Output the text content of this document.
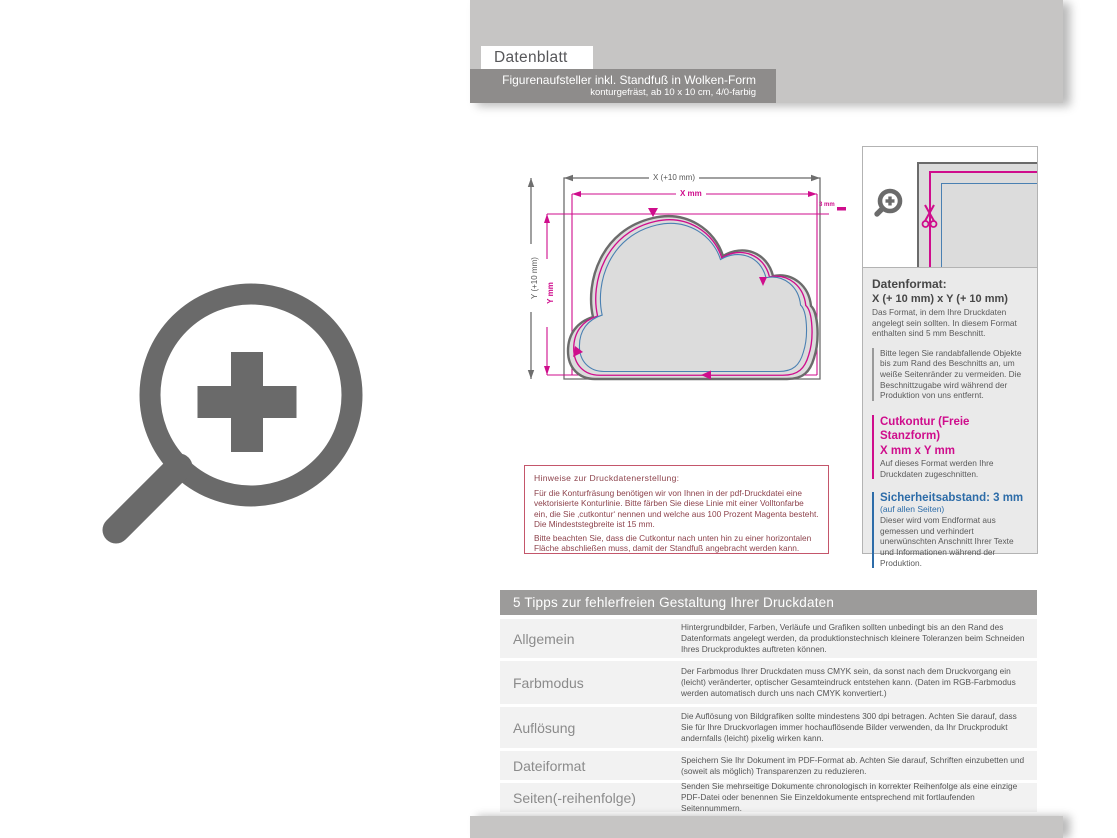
Datenblatt
Figurenaufsteller inkl. Standfuß in Wolken-Form
konturgefräst, ab 10 x 10 cm, 4/0-farbig
X (+10 mm)
X mm
Y (+10 mm) Y mm
3 mm
Datenformat:
X (+ 10 mm) x Y (+ 10 mm)
Das Format, in dem Ihre Druckdaten angelegt sein sollten. In diesem Format enthalten sind 5 mm Beschnitt.
Bitte legen Sie randabfallende Objekte bis zum Rand des Beschnitts an, um weiße Seitenränder zu vermeiden. Die Beschnittzugabe wird während der Produktion von uns entfernt.
Cutkontur (Freie Stanzform)
X mm x Y mm
Auf dieses Format werden Ihre Druckdaten zugeschnitten.
Sicherheitsabstand: 3 mm
(auf allen Seiten)
Dieser wird vom Endformat aus gemessen und verhindert unerwünschten Anschnitt Ihrer Texte und Informationen während der Produktion.
Hinweise zur Druckdatenerstellung:
Für die Konturfräsung benötigen wir von Ihnen in der pdf-Druckdatei eine vektorisierte Konturlinie. Bitte färben Sie diese Linie mit einer Volltonfarbe ein, die Sie ‚cutkontur‘ nennen und welche aus 100 Prozent Magenta besteht. Die Mindeststegbreite ist 15 mm.
Bitte beachten Sie, dass die Cutkontur nach unten hin zu einer horizontalen Fläche abschließen muss, damit der Standfuß angebracht werden kann.
5 Tipps zur fehlerfreien Gestaltung Ihrer Druckdaten
Allgemein
Hintergrundbilder, Farben, Verläufe und Grafiken sollten unbedingt bis an den Rand des Datenformats angelegt werden, da produktionstechnisch kleinere Toleranzen beim Schneiden Ihres Druckproduktes auftreten können.
Farbmodus
Der Farbmodus Ihrer Druckdaten muss CMYK sein, da sonst nach dem Druckvorgang ein (leicht) veränderter, optischer Gesamteindruck entstehen kann. (Daten im RGB-Farbmodus werden automatisch durch uns nach CMYK konvertiert.)
Auflösung
Die Auflösung von Bildgrafiken sollte mindestens 300 dpi betragen. Achten Sie darauf, dass Sie für Ihre Druckvorlagen immer hochauflösende Bilder verwenden, da Ihr Druckprodukt andernfalls (leicht) pixelig wirken kann.
Dateiformat	Speichern Sie Ihr Dokument im PDF-Format ab. Achten Sie darauf, Schriften einzubetten und (soweit als möglich) Transparenzen zu reduzieren.
Seiten(-reihenfolge)
Senden Sie mehrseitige Dokumente chronologisch in korrekter Reihenfolge als eine einzige PDF-Datei oder benennen Sie Einzeldokumente entsprechend mit fortlaufenden Seitennummern.
